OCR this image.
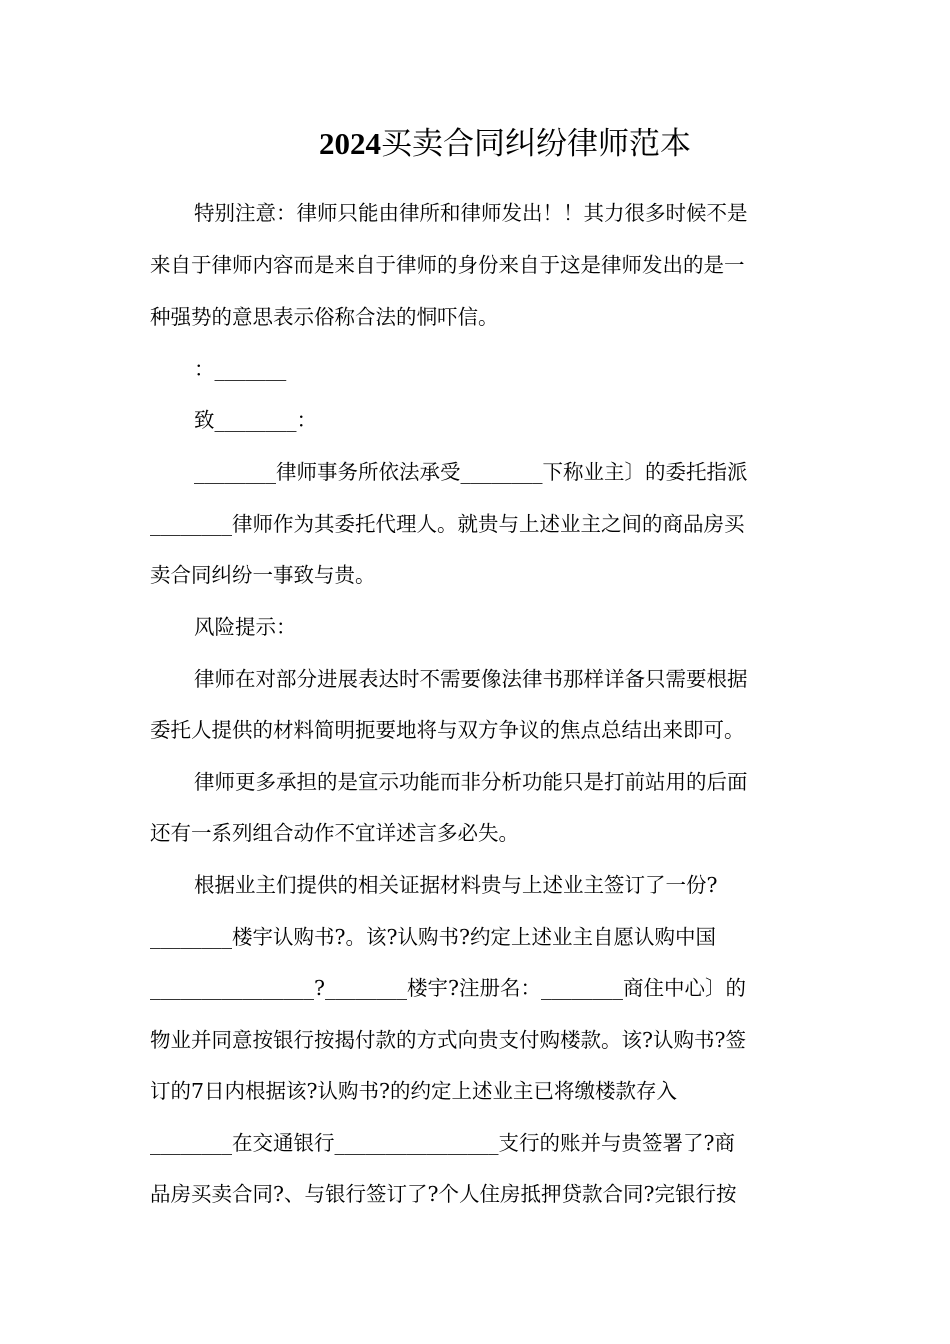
2024买卖合同纠纷律师范本
特别注意：律师只能由律所和律师发出！！其力很多时候不是
来自于律师内容而是来自于律师的身份来自于这是律师发出的是一
种强势的意思表示俗称合法的恫吓信。
：_______
致________：
________律师事务所依法承受________下称业主〕的委托指派
________律师作为其委托代理人。就贵与上述业主之间的商品房买
卖合同纠纷一事致与贵。
风险提示：
律师在对部分进展表达时不需要像法律书那样详备只需要根据
委托人提供的材料简明扼要地将与双方争议的焦点总结出来即可。
律师更多承担的是宣示功能而非分析功能只是打前站用的后面
还有一系列组合动作不宜详述言多必失。
根据业主们提供的相关证据材料贵与上述业主签订了一份?
________楼宇认购书?。该?认购书?约定上述业主自愿认购中国
________________?________楼宇?注册名：________商住中心〕的
物业并同意按银行按揭付款的方式向贵支付购楼款。该?认购书?签
订的7日内根据该?认购书?的约定上述业主已将缴楼款存入
________在交通银行________________支行的账并与贵签署了?商
品房买卖合同?、与银行签订了?个人住房抵押贷款合同?完银行按
